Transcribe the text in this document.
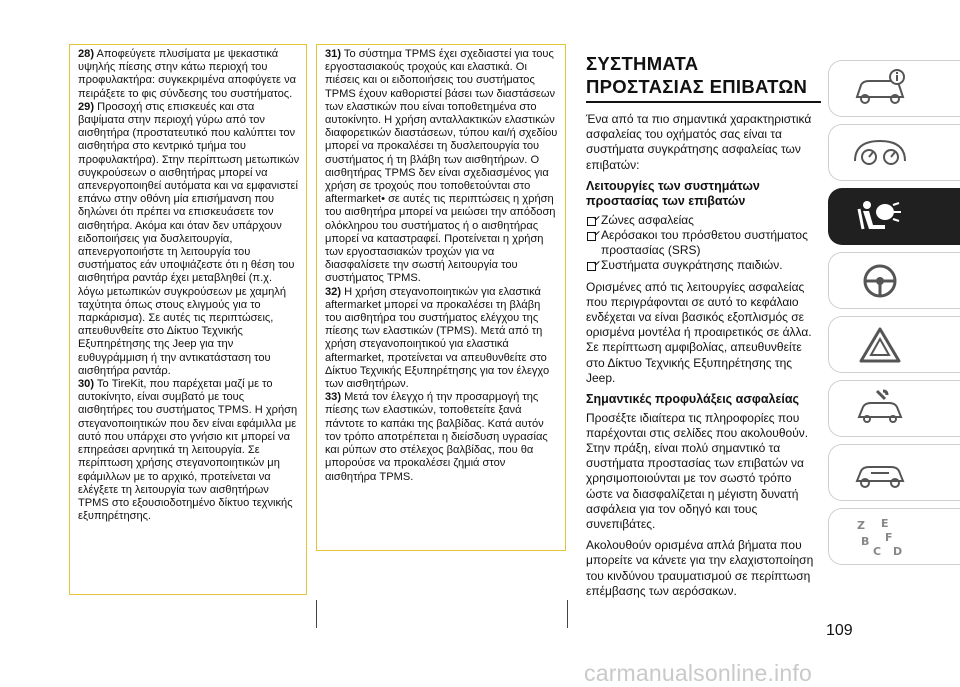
28) Αποφεύγετε πλυσίματα με ψεκαστικά υψηλής πίεσης στην κάτω περιοχή του προφυλακτήρα: συγκεκριμένα αποφύγετε να πειράξετε το φις σύνδεσης του συστήματος.

29) Προσοχή στις επισκευές και στα βαψίματα στην περιοχή γύρω από τον αισθητήρα (προστατευτικό που καλύπτει τον αισθητήρα στο κεντρικό τμήμα του προφυλακτήρα). Στην περίπτωση μετωπικών συγκρούσεων ο αισθητήρας μπορεί να απενεργοποιηθεί αυτόματα και να εμφανιστεί επάνω στην οθόνη μία επισήμανση που δηλώνει ότι πρέπει να επισκευάσετε τον αισθητήρα. Ακόμα και όταν δεν υπάρχουν ειδοποιήσεις για δυσλειτουργία, απενεργοποιήστε τη λειτουργία του συστήματος εάν υποψιάζεστε ότι η θέση του αισθητήρα ραντάρ έχει μεταβληθεί (π.χ. λόγω μετωπικών συγκρούσεων με χαμηλή ταχύτητα όπως στους ελιγμούς για το παρκάρισμα). Σε αυτές τις περιπτώσεις, απευθυνθείτε στο Δίκτυο Τεχνικής Εξυπηρέτησης της Jeep για την ευθυγράμμιση ή την αντικατάσταση του αισθητήρα ραντάρ.

30) Το TireKit, που παρέχεται μαζί με το αυτοκίνητο, είναι συμβατό με τους αισθητήρες του συστήματος TPMS. Η χρήση στεγανοποιητικών που δεν είναι εφάμιλλα με αυτό που υπάρχει στο γνήσιο κιτ μπορεί να επηρεάσει αρνητικά τη λειτουργία. Σε περίπτωση χρήσης στεγανοποιητικών μη εφάμιλλων με το αρχικό, προτείνεται να ελέγξετε τη λειτουργία των αισθητήρων TPMS στο εξουσιοδοτημένο δίκτυο τεχνικής εξυπηρέτησης.

31) Το σύστημα TPMS έχει σχεδιαστεί για τους εργοστασιακούς τροχούς και ελαστικά. Οι πιέσεις και οι ειδοποιήσεις του συστήματος TPMS έχουν καθοριστεί βάσει των διαστάσεων των ελαστικών που είναι τοποθετημένα στο αυτοκίνητο. Η χρήση ανταλλακτικών ελαστικών διαφορετικών διαστάσεων, τύπου και/ή σχεδίου μπορεί να προκαλέσει τη δυσλειτουργία του συστήματος ή τη βλάβη των αισθητήρων. Ο αισθητήρας TPMS δεν είναι σχεδιασμένος για χρήση σε τροχούς που τοποθετούνται στο aftermarket• σε αυτές τις περιπτώσεις η χρήση του αισθητήρα μπορεί να μειώσει την απόδοση ολόκληρου του συστήματος ή ο αισθητήρας μπορεί να καταστραφεί. Προτείνεται η χρήση των εργοστασιακών τροχών για να διασφαλίσετε την σωστή λειτουργία του συστήματος TPMS.

32) Η χρήση στεγανοποιητικών για ελαστικά aftermarket μπορεί να προκαλέσει τη βλάβη του αισθητήρα του συστήματος ελέγχου της πίεσης των ελαστικών (TPMS). Μετά από τη χρήση στεγανοποιητικού για ελαστικά aftermarket, προτείνεται να απευθυνθείτε στο Δίκτυο Τεχνικής Εξυπηρέτησης για τον έλεγχο των αισθητήρων.

33) Μετά τον έλεγχο ή την προσαρμογή της πίεσης των ελαστικών, τοποθετείτε ξανά πάντοτε το καπάκι της βαλβίδας. Κατά αυτόν τον τρόπο αποτρέπεται η διείσδυση υγρασίας και ρύπων στο στέλεχος βαλβίδας, που θα μπορούσε να προκαλέσει ζημιά στον αισθητήρα TPMS.

ΣΥΣΤΗΜΑΤΑ ΠΡΟΣΤΑΣΙΑΣ ΕΠΙΒΑΤΩΝ

Ένα από τα πιο σημαντικά χαρακτηριστικά ασφαλείας του οχήματός σας είναι τα συστήματα συγκράτησης ασφαλείας των επιβατών:

Λειτουργίες των συστημάτων προστασίας των επιβατών
Ζώνες ασφαλείας
Αερόσακοι του πρόσθετου συστήματος προστασίας (SRS)
Συστήματα συγκράτησης παιδιών.

Ορισμένες από τις λειτουργίες ασφαλείας που περιγράφονται σε αυτό το κεφάλαιο ενδέχεται να είναι βασικός εξοπλισμός σε ορισμένα μοντέλα ή προαιρετικός σε άλλα. Σε περίπτωση αμφιβολίας, απευθυνθείτε στο Δίκτυο Τεχνικής Εξυπηρέτησης της Jeep.

Σημαντικές προφυλάξεις ασφαλείας

Προσέξτε ιδιαίτερα τις πληροφορίες που παρέχονται στις σελίδες που ακολουθούν. Στην πράξη, είναι πολύ σημαντικό τα συστήματα προστασίας των επιβατών να χρησιμοποιούνται με τον σωστό τρόπο ώστε να διασφαλίζεται η μέγιστη δυνατή ασφάλεια για τον οδηγό και τους συνεπιβάτες.

Ακολουθούν ορισμένα απλά βήματα που μπορείτε να κάνετε για την ελαχιστοποίηση του κινδύνου τραυματισμού σε περίπτωση επέμβασης των αερόσακων.

Z E
B F
C D
109
carmanualsonline.info
